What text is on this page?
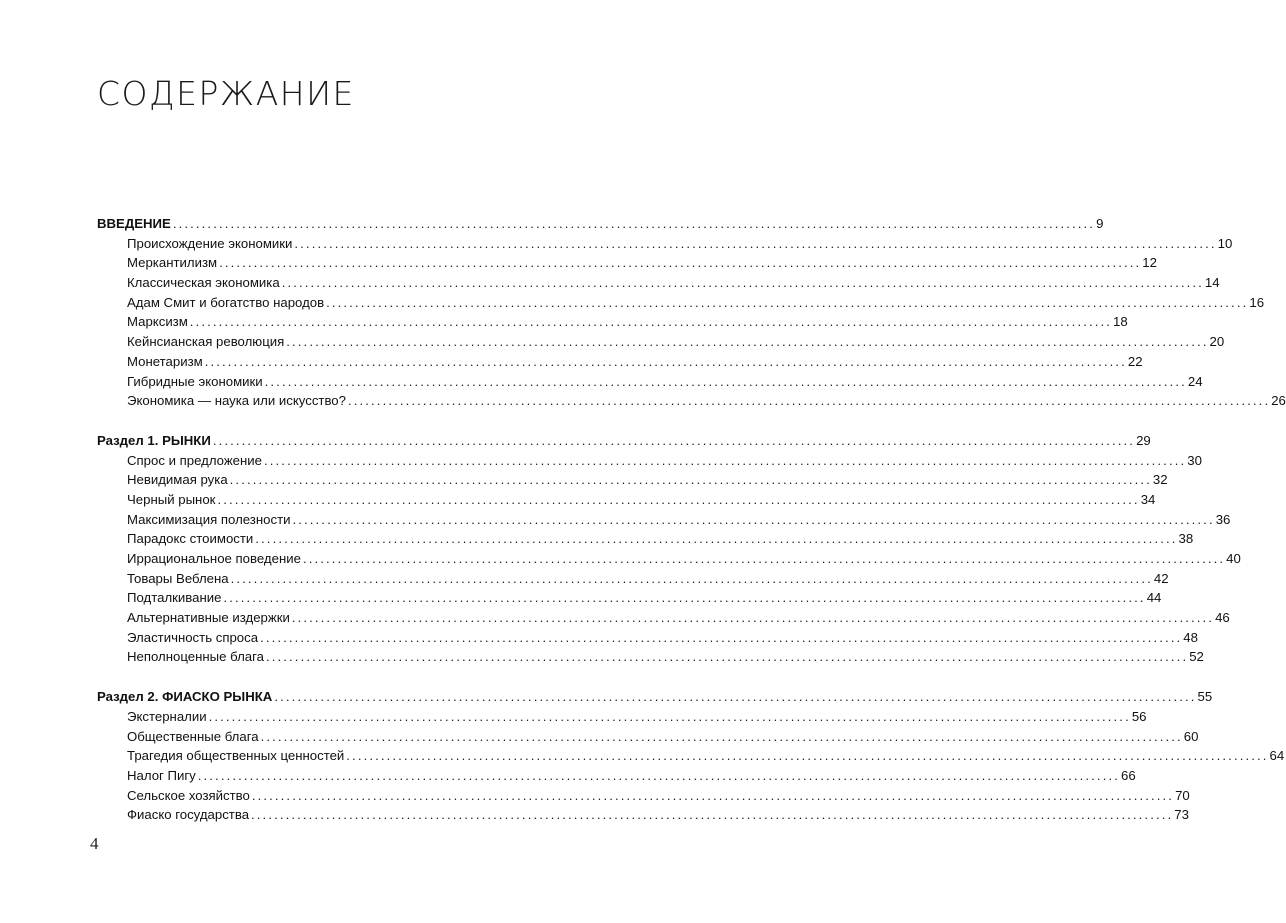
СОДЕРЖАНИЕ
ВВЕДЕНИЕ ................................................................................................................................................................ 9
Происхождение экономики ................................................................................................................................................................ 10
Меркантилизм ................................................................................................................................................................ 12
Классическая экономика ................................................................................................................................................................ 14
Адам Смит и богатство народов ................................................................................................................................................................ 16
Марксизм ................................................................................................................................................................ 18
Кейнсианская революция ................................................................................................................................................................ 20
Монетаризм ................................................................................................................................................................ 22
Гибридные экономики ................................................................................................................................................................ 24
Экономика — наука или искусство? ................................................................................................................................................................ 26
Раздел 1. РЫНКИ ................................................................................................................................................................ 29
Спрос и предложение ................................................................................................................................................................ 30
Невидимая рука ................................................................................................................................................................ 32
Черный рынок ................................................................................................................................................................ 34
Максимизация полезности ................................................................................................................................................................ 36
Парадокс стоимости ................................................................................................................................................................ 38
Иррациональное поведение ................................................................................................................................................................ 40
Товары Веблена ................................................................................................................................................................ 42
Подталкивание ................................................................................................................................................................ 44
Альтернативные издержки ................................................................................................................................................................ 46
Эластичность спроса ................................................................................................................................................................ 48
Неполноценные блага ................................................................................................................................................................ 52
Раздел 2. ФИАСКО РЫНКА ................................................................................................................................................................ 55
Экстерналии ................................................................................................................................................................ 56
Общественные блага ................................................................................................................................................................ 60
Трагедия общественных ценностей ................................................................................................................................................................ 64
Налог Пигу ................................................................................................................................................................ 66
Сельское хозяйство ................................................................................................................................................................ 70
Фиаско государства ................................................................................................................................................................ 73
4
